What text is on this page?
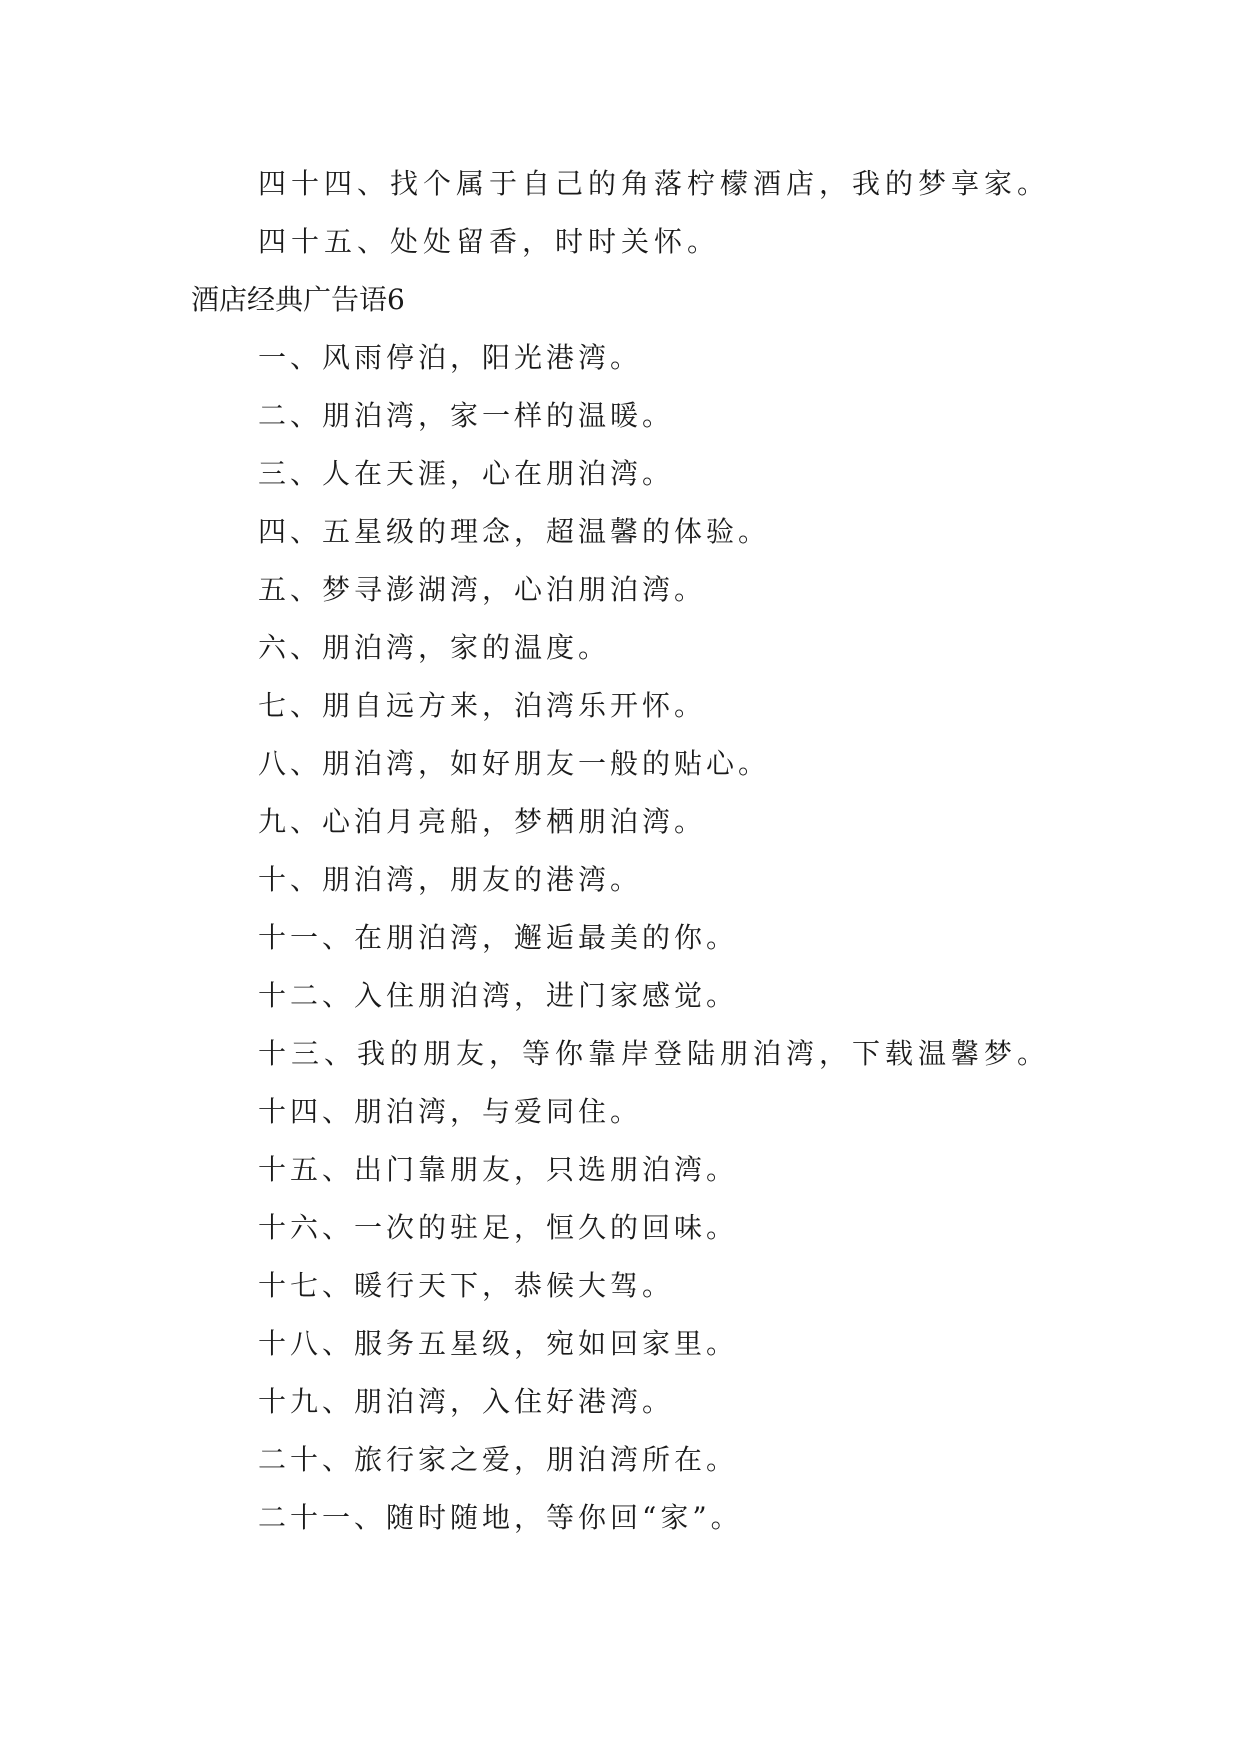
四十四、找个属于自己的角落柠檬酒店，我的梦享家。

四十五、处处留香，时时关怀。

酒店经典广告语6

一、风雨停泊，阳光港湾。

二、朋泊湾，家一样的温暖。

三、人在天涯，心在朋泊湾。

四、五星级的理念，超温馨的体验。

五、梦寻澎湖湾，心泊朋泊湾。

六、朋泊湾，家的温度。

七、朋自远方来，泊湾乐开怀。

八、朋泊湾，如好朋友一般的贴心。

九、心泊月亮船，梦栖朋泊湾。

十、朋泊湾，朋友的港湾。

十一、在朋泊湾，邂逅最美的你。

十二、入住朋泊湾，进门家感觉。

十三、我的朋友，等你靠岸登陆朋泊湾，下载温馨梦。

十四、朋泊湾，与爱同住。

十五、出门靠朋友，只选朋泊湾。

十六、一次的驻足，恒久的回味。

十七、暖行天下，恭候大驾。

十八、服务五星级，宛如回家里。

十九、朋泊湾，入住好港湾。

二十、旅行家之爱，朋泊湾所在。

二十一、随时随地，等你回“家”。
